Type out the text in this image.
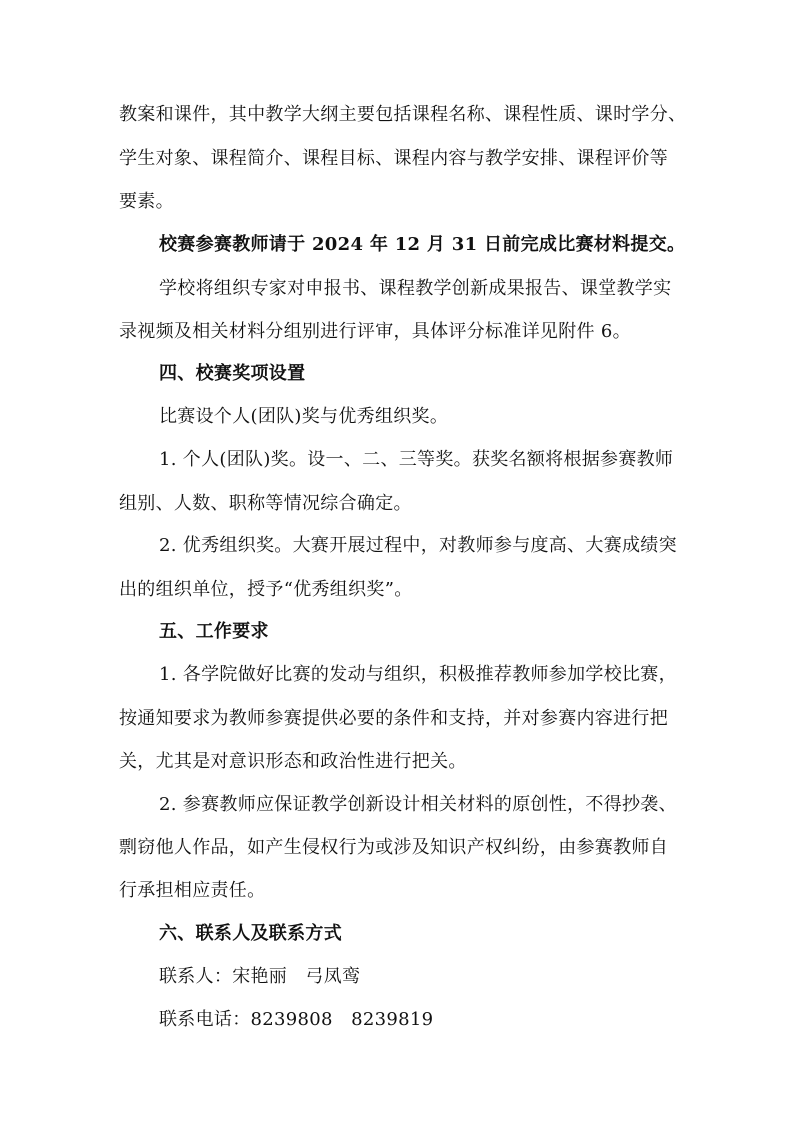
教案和课件，其中教学大纲主要包括课程名称、课程性质、课时学分、

学生对象、课程简介、课程目标、课程内容与教学安排、课程评价等

要素。

校赛参赛教师请于 2024 年 12 月 31 日前完成比赛材料提交。

学校将组织专家对申报书、课程教学创新成果报告、课堂教学实

录视频及相关材料分组别进行评审，具体评分标准详见附件 6。

四、校赛奖项设置

比赛设个人(团队)奖与优秀组织奖。

1. 个人(团队)奖。设一、二、三等奖。获奖名额将根据参赛教师

组别、人数、职称等情况综合确定。

2. 优秀组织奖。大赛开展过程中，对教师参与度高、大赛成绩突

出的组织单位，授予“优秀组织奖”。

五、工作要求

1. 各学院做好比赛的发动与组织，积极推荐教师参加学校比赛，

按通知要求为教师参赛提供必要的条件和支持，并对参赛内容进行把

关，尤其是对意识形态和政治性进行把关。

2. 参赛教师应保证教学创新设计相关材料的原创性，不得抄袭、

剽窃他人作品，如产生侵权行为或涉及知识产权纠纷，由参赛教师自

行承担相应责任。

六、联系人及联系方式

联系人：宋艳丽　弓凤鸾

联系电话：8239808　8239819
